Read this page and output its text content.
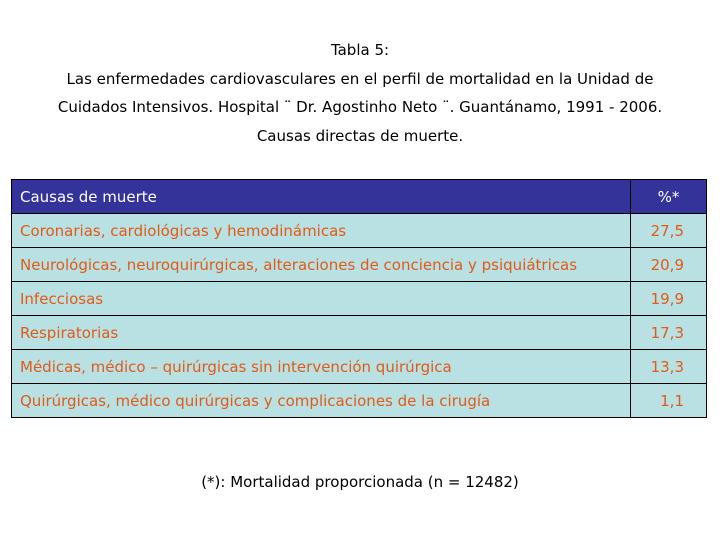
Tabla 5:
Las enfermedades cardiovasculares en el perfil de mortalidad en la Unidad de
Cuidados Intensivos. Hospital ¨ Dr. Agostinho Neto ¨. Guantánamo, 1991 - 2006.
Causas directas de muerte.
Causas de muerte	%*
Coronarias, cardiológicas y hemodinámicas	27,5
Neurológicas, neuroquirúrgicas, alteraciones de conciencia y psiquiátricas	20,9
Infecciosas	19,9
Respiratorias	17,3
Médicas, médico – quirúrgicas sin intervención quirúrgica	13,3
Quirúrgicas, médico quirúrgicas y complicaciones de la cirugía	1,1
(*): Mortalidad proporcionada (n = 12482)
